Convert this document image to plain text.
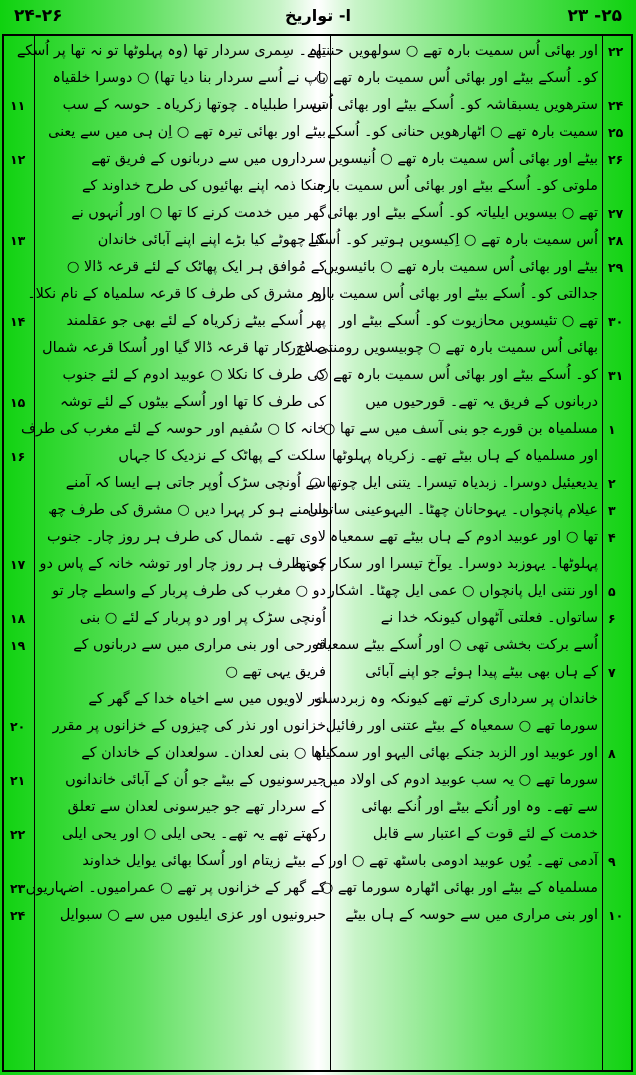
۲۴-۲۶	ا- تواریخ	۲۳ -۲۵
اور بھائی اُس سمیت بارہ تھے ○ سولھویں حننیاہ
کو۔ اُسکے بیٹے اور بھائی اُس سمیت بارہ تھے ○
سترھویں یسبقاشہ کو۔ اُسکے بیٹے اور بھائی اُس
سمیت بارہ تھے ○ اٹھارھویں حنانی کو۔ اُسکے
بیٹے اور بھائی اُس سمیت بارہ تھے ○ اُنیسویں
ملوتی کو۔ اُسکے بیٹے اور بھائی اُس سمیت بارہ
تھے ○ بیسویں ایلیاتہ کو۔ اُسکے بیٹے اور بھائی
اُس سمیت بارہ تھے ○ اِکیسویں ہوتیر کو۔ اُسکے
بیٹے اور بھائی اُس سمیت بارہ تھے ○ بائیسویں
جدالتی کو۔ اُسکے بیٹے اور بھائی اُس سمیت بارہ
تھے ○ تئیسویں محازیوت کو۔ اُسکے بیٹے اور
بھائی اُس سمیت بارہ تھے ○ چوبیسویں رومنتی عزر
کو۔ اُسکے بیٹے اور بھائی اُس سمیت بارہ تھے ○
دربانوں کے فریق یہ تھے۔ قورحیوں میں
مسلمیاہ بن قورے جو بنی آسف میں سے تھا ○
اور مسلمیاہ کے ہاں بیٹے تھے۔ زکریاہ پہلوٹھا
یدیعیئیل دوسرا۔ زبدیاہ تیسرا۔ یتنی ایل چوتھا ○
عیلام پانچواں۔ یہوحانان چھٹا۔ الیہوعینی ساتواں
تھا ○ اور عوبید ادوم کے ہاں بیٹے تھے سمعیاہ
پہلوٹھا۔ یہوزبد دوسرا۔ یوآخ تیسرا اور سکار چوتھا
اور نتنی ایل پانچواں ○ عمی ایل چھٹا۔ اشکار
ساتواں۔ فعلتی آٹھواں کیونکہ خدا نے
اُسے برکت بخشی تھی ○ اور اُسکے بیٹے سمعیاہ
کے ہاں بھی بیٹے پیدا ہوئے جو اپنے آبائی
خاندان پر سرداری کرتے تھے کیونکہ وہ زبردست
سورما تھے ○ سمعیاہ کے بیٹے عتنی اور رفائیل
اور عوبید اور الزبد جنکے بھائی الیہو اور سمکیاہ
سورما تھے ○ یہ سب عوبید ادوم کی اولاد میں
سے تھے۔ وہ اور اُنکے بیٹے اور اُنکے بھائی
خدمت کے لئے قوت کے اعتبار سے قابل
آدمی تھے۔ یُوں عوبید ادومی باسٹھ تھے ○ اور
مسلمیاہ کے بیٹے اور بھائی اٹھارہ سورما تھے ○
اور بنی مراری میں سے حوسہ کے ہاں بیٹے
تھے۔ سِمری سردار تھا (وہ پہلوٹھا تو نہ تھا پر اُسکے
باپ نے اُسے سردار بنا دیا تھا) ○ دوسرا خلقیاہ
تیسرا طبلیاہ۔ چوتھا زکریاہ۔ حوسہ کے سب
بیٹے اور بھائی تیرہ تھے ○ اِن ہی میں سے یعنی
سرداروں میں سے دربانوں کے فریق تھے
جنکا ذمہ اپنے بھائیوں کی طرح خداوند کے
گھر میں خدمت کرنے کا تھا ○ اور اُنہوں نے
کیا چھوٹے کیا بڑے اپنے اپنے آبائی خاندان
کے مُوافق ہر ایک پھاٹک کے لئے قرعہ ڈالا ○
اور مشرق کی طرف کا قرعہ سلمیاہ کے نام نکلا۔
پھر اُسکے بیٹے زکریاہ کے لئے بھی جو عقلمند
صلاح کار تھا قرعہ ڈالا گیا اور اُسکا قرعہ شمال
کی طرف کا نکلا ○ عوبید ادوم کے لئے جنوب
کی طرف کا تھا اور اُسکے بیٹوں کے لئے توشہ
خانہ کا ○ سُفیم اور حوسہ کے لئے مغرب کی طرف
سلکت کے پھاٹک کے نزدیک کا جہاں
سے اُونچی سڑک اُوپر جاتی ہے ایسا کہ آمنے
سامنے ہو کر پہرا دیں ○ مشرق کی طرف چھ
لاوی تھے۔ شمال کی طرف ہر روز چار۔ جنوب
کی طرف ہر روز چار اور توشہ خانہ کے پاس دو
دو ○ مغرب کی طرف پربار کے واسطے چار تو
اُونچی سڑک پر اور دو پربار کے لئے ○ بنی
قورحی اور بنی مراری میں سے دربانوں کے
فریق یہی تھے ○
اور لاویوں میں سے اخیاہ خدا کے گھر کے
خزانوں اور نذر کی چیزوں کے خزانوں پر مقرر
تھا ○ بنی لعدان۔ سولعدان کے خاندان کے
جیرسونیوں کے بیٹے جو اُن کے آبائی خاندانوں
کے سردار تھے جو جیرسونی لعدان سے تعلق
رکھتے تھے یہ تھے۔ یحی ایلی ○ اور یحی ایلی
کے بیٹے زیتام اور اُسکا بھائی یوایل خداوند
کے گھر کے خزانوں پر تھے ○ عمرامیوں۔ اضہاریوں
حبرونیوں اور عزی ایلیوں میں سے ○ سبوایل
۲۲
۲۴
۲۵
۲۶
۲۷
۲۸
۲۹
۳۰
۳۱
۱
۲
۳
۴
۵
۶
۷
۸
۹
۱۰
۱۱
۱۲
۱۳
۱۴
۱۵
۱۶
۱۷
۱۸
۱۹
۲۰
۲۱
۲۲
۲۳
۲۴
